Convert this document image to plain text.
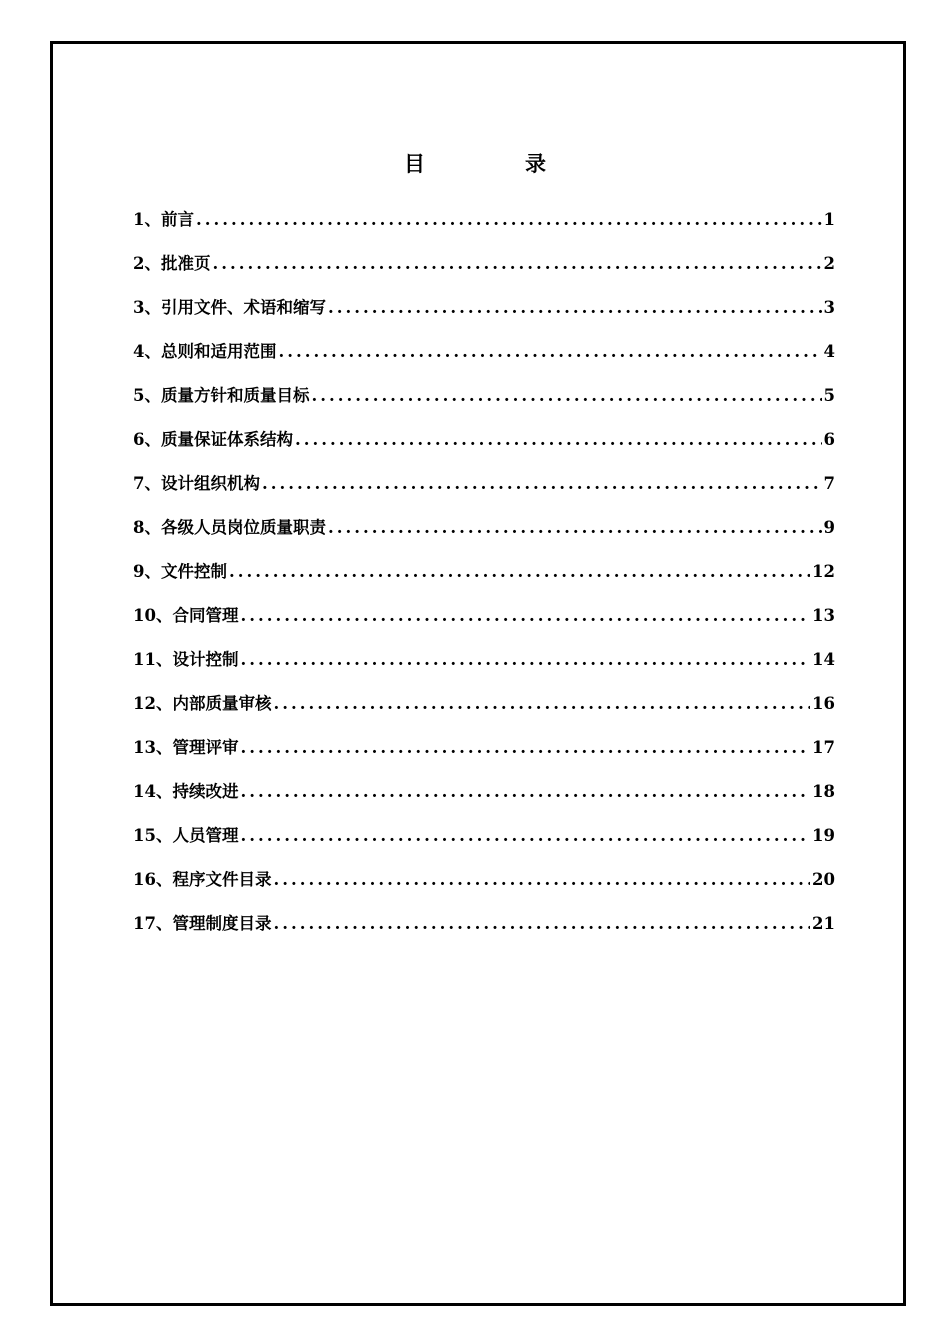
目	录
1、前言 .....	1
2、批准页 .....	2
3、引用文件、术语和缩写 .....	3
4、总则和适用范围 .....	4
5、质量方针和质量目标 .....	5
6、质量保证体系结构 .....	6
7、设计组织机构 .....	7
8、各级人员岗位质量职责 .....	9
9、文件控制 .....	12
10、合同管理 .....	13
11、设计控制 .....	14
12、内部质量审核 .....	16
13、管理评审 .....	17
14、持续改进 .....	18
15、人员管理 .....	19
16、程序文件目录 .....	20
17、管理制度目录 .....	21
